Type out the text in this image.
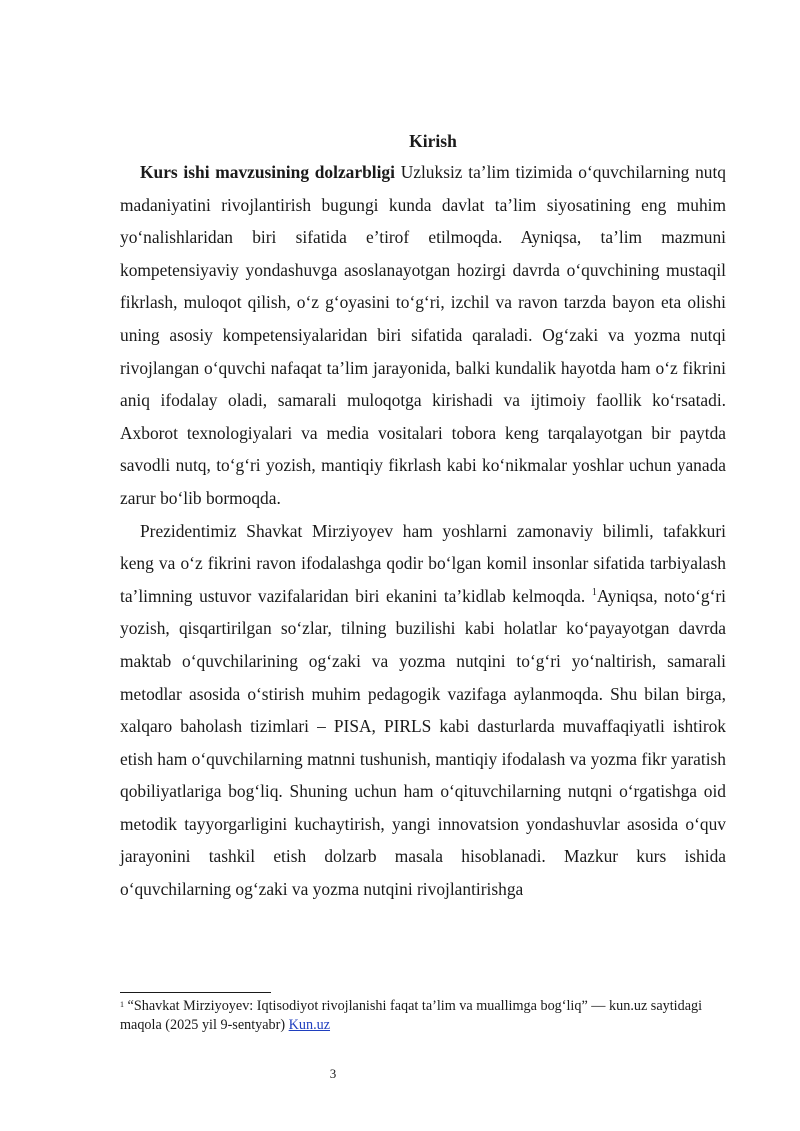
Kirish

Kurs ishi mavzusining dolzarbligi Uzluksiz ta’lim tizimida o‘quvchilarning nutq madaniyatini rivojlantirish bugungi kunda davlat ta’lim siyosatining eng muhim yo‘nalishlaridan biri sifatida e’tirof etilmoqda. Ayniqsa, ta’lim mazmuni kompetensiyaviy yondashuvga asoslanayotgan hozirgi davrda o‘quvchining mustaqil fikrlash, muloqot qilish, o‘z g‘oyasini to‘g‘ri, izchil va ravon tarzda bayon eta olishi uning asosiy kompetensiyalaridan biri sifatida qaraladi. Og‘zaki va yozma nutqi rivojlangan o‘quvchi nafaqat ta’lim jarayonida, balki kundalik hayotda ham o‘z fikrini aniq ifodalay oladi, samarali muloqotga kirishadi va ijtimoiy faollik ko‘rsatadi. Axborot texnologiyalari va media vositalari tobora keng tarqalayotgan bir paytda savodli nutq, to‘g‘ri yozish, mantiqiy fikrlash kabi ko‘nikmalar yoshlar uchun yanada zarur bo‘lib bormoqda.

Prezidentimiz Shavkat Mirziyoyev ham yoshlarni zamonaviy bilimli, tafakkuri keng va o‘z fikrini ravon ifodalashga qodir bo‘lgan komil insonlar sifatida tarbiyalash ta’limning ustuvor vazifalaridan biri ekanini ta’kidlab kelmoqda. $^1$Ayniqsa, noto‘g‘ri yozish, qisqartirilgan so‘zlar, tilning buzilishi kabi holatlar ko‘payayotgan davrda maktab o‘quvchilarining og‘zaki va yozma nutqini to‘g‘ri yo‘naltirish, samarali metodlar asosida o‘stirish muhim pedagogik vazifaga aylanmoqda. Shu bilan birga, xalqaro baholash tizimlari – PISA, PIRLS kabi dasturlarda muvaffaqiyatli ishtirok etish ham o‘quvchilarning matnni tushunish, mantiqiy ifodalash va yozma fikr yaratish qobiliyatlariga bog‘liq. Shuning uchun ham o‘qituvchilarning nutqni o‘rgatishga oid metodik tayyorgarligini kuchaytirish, yangi innovatsion yondashuvlar asosida o‘quv jarayonini tashkil etish dolzarb masala hisoblanadi. Mazkur kurs ishida o‘quvchilarning og‘zaki va yozma nutqini rivojlantirishga

$^1$ “Shavkat Mirziyoyev: Iqtisodiyot rivojlanishi faqat ta’lim va muallimga bog‘liq” — kun.uz saytidagi maqola (2025 yil 9-sentyabr) Kun.uz
3
